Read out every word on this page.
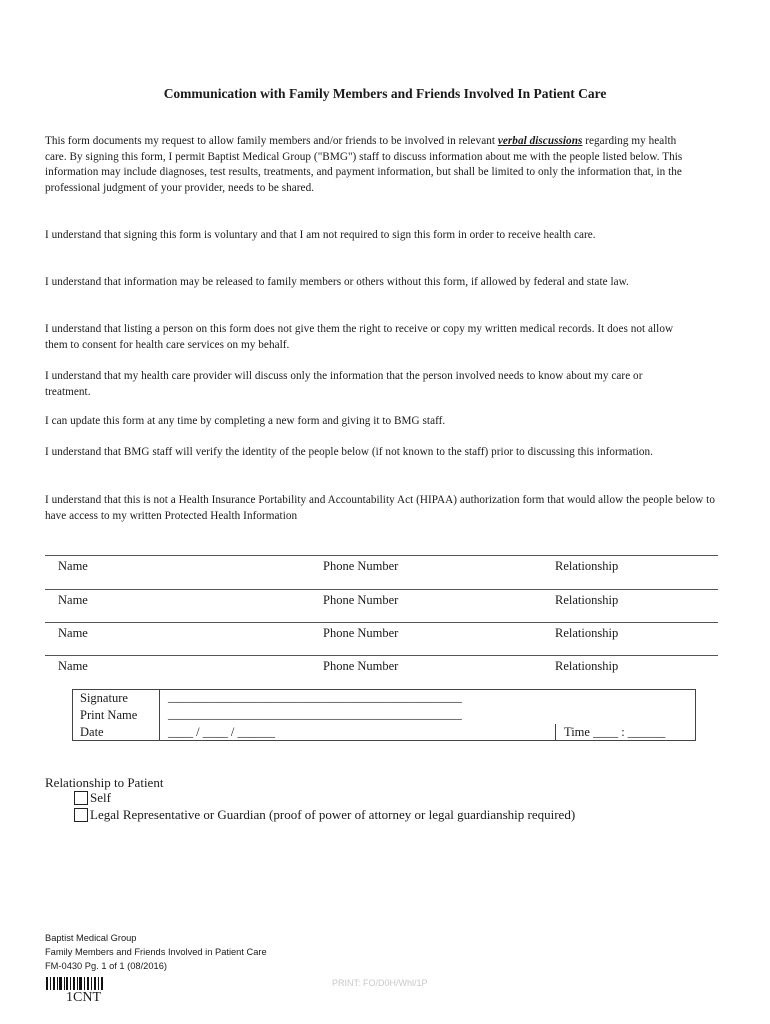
Communication with Family Members and Friends Involved In Patient Care
This form documents my request to allow family members and/or friends to be involved in relevant verbal discussions regarding my health care. By signing this form, I permit Baptist Medical Group ("BMG") staff to discuss information about me with the people listed below. This information may include diagnoses, test results, treatments, and payment information, but shall be limited to only the information that, in the professional judgment of your provider, needs to be shared.
I understand that signing this form is voluntary and that I am not required to sign this form in order to receive health care.
I understand that information may be released to family members or others without this form, if allowed by federal and state law.
I understand that listing a person on this form does not give them the right to receive or copy my written medical records. It does not allow them to consent for health care services on my behalf.
I understand that my health care provider will discuss only the information that the person involved needs to know about my care or treatment.
I can update this form at any time by completing a new form and giving it to BMG staff.
I understand that BMG staff will verify the identity of the people below (if not known to the staff) prior to discussing this information.
I understand that this is not a Health Insurance Portability and Accountability Act (HIPAA) authorization form that would allow the people below to have access to my written Protected Health Information
Name	Phone Number	Relationship
Name	Phone Number	Relationship
Name	Phone Number	Relationship
Name	Phone Number	Relationship
Signature	_______________________________________________
Print Name _______________________________________________
Date	____ / ____ / ______	Time ____ : ______
Relationship to Patient
Self
Legal Representative or Guardian (proof of power of attorney or legal guardianship required)
Baptist Medical Group
Family Members and Friends Involved in Patient Care
FM-0430 Pg. 1 of 1 (08/2016)
1CNT
PRINT: FO/D0H/Whl/1P
